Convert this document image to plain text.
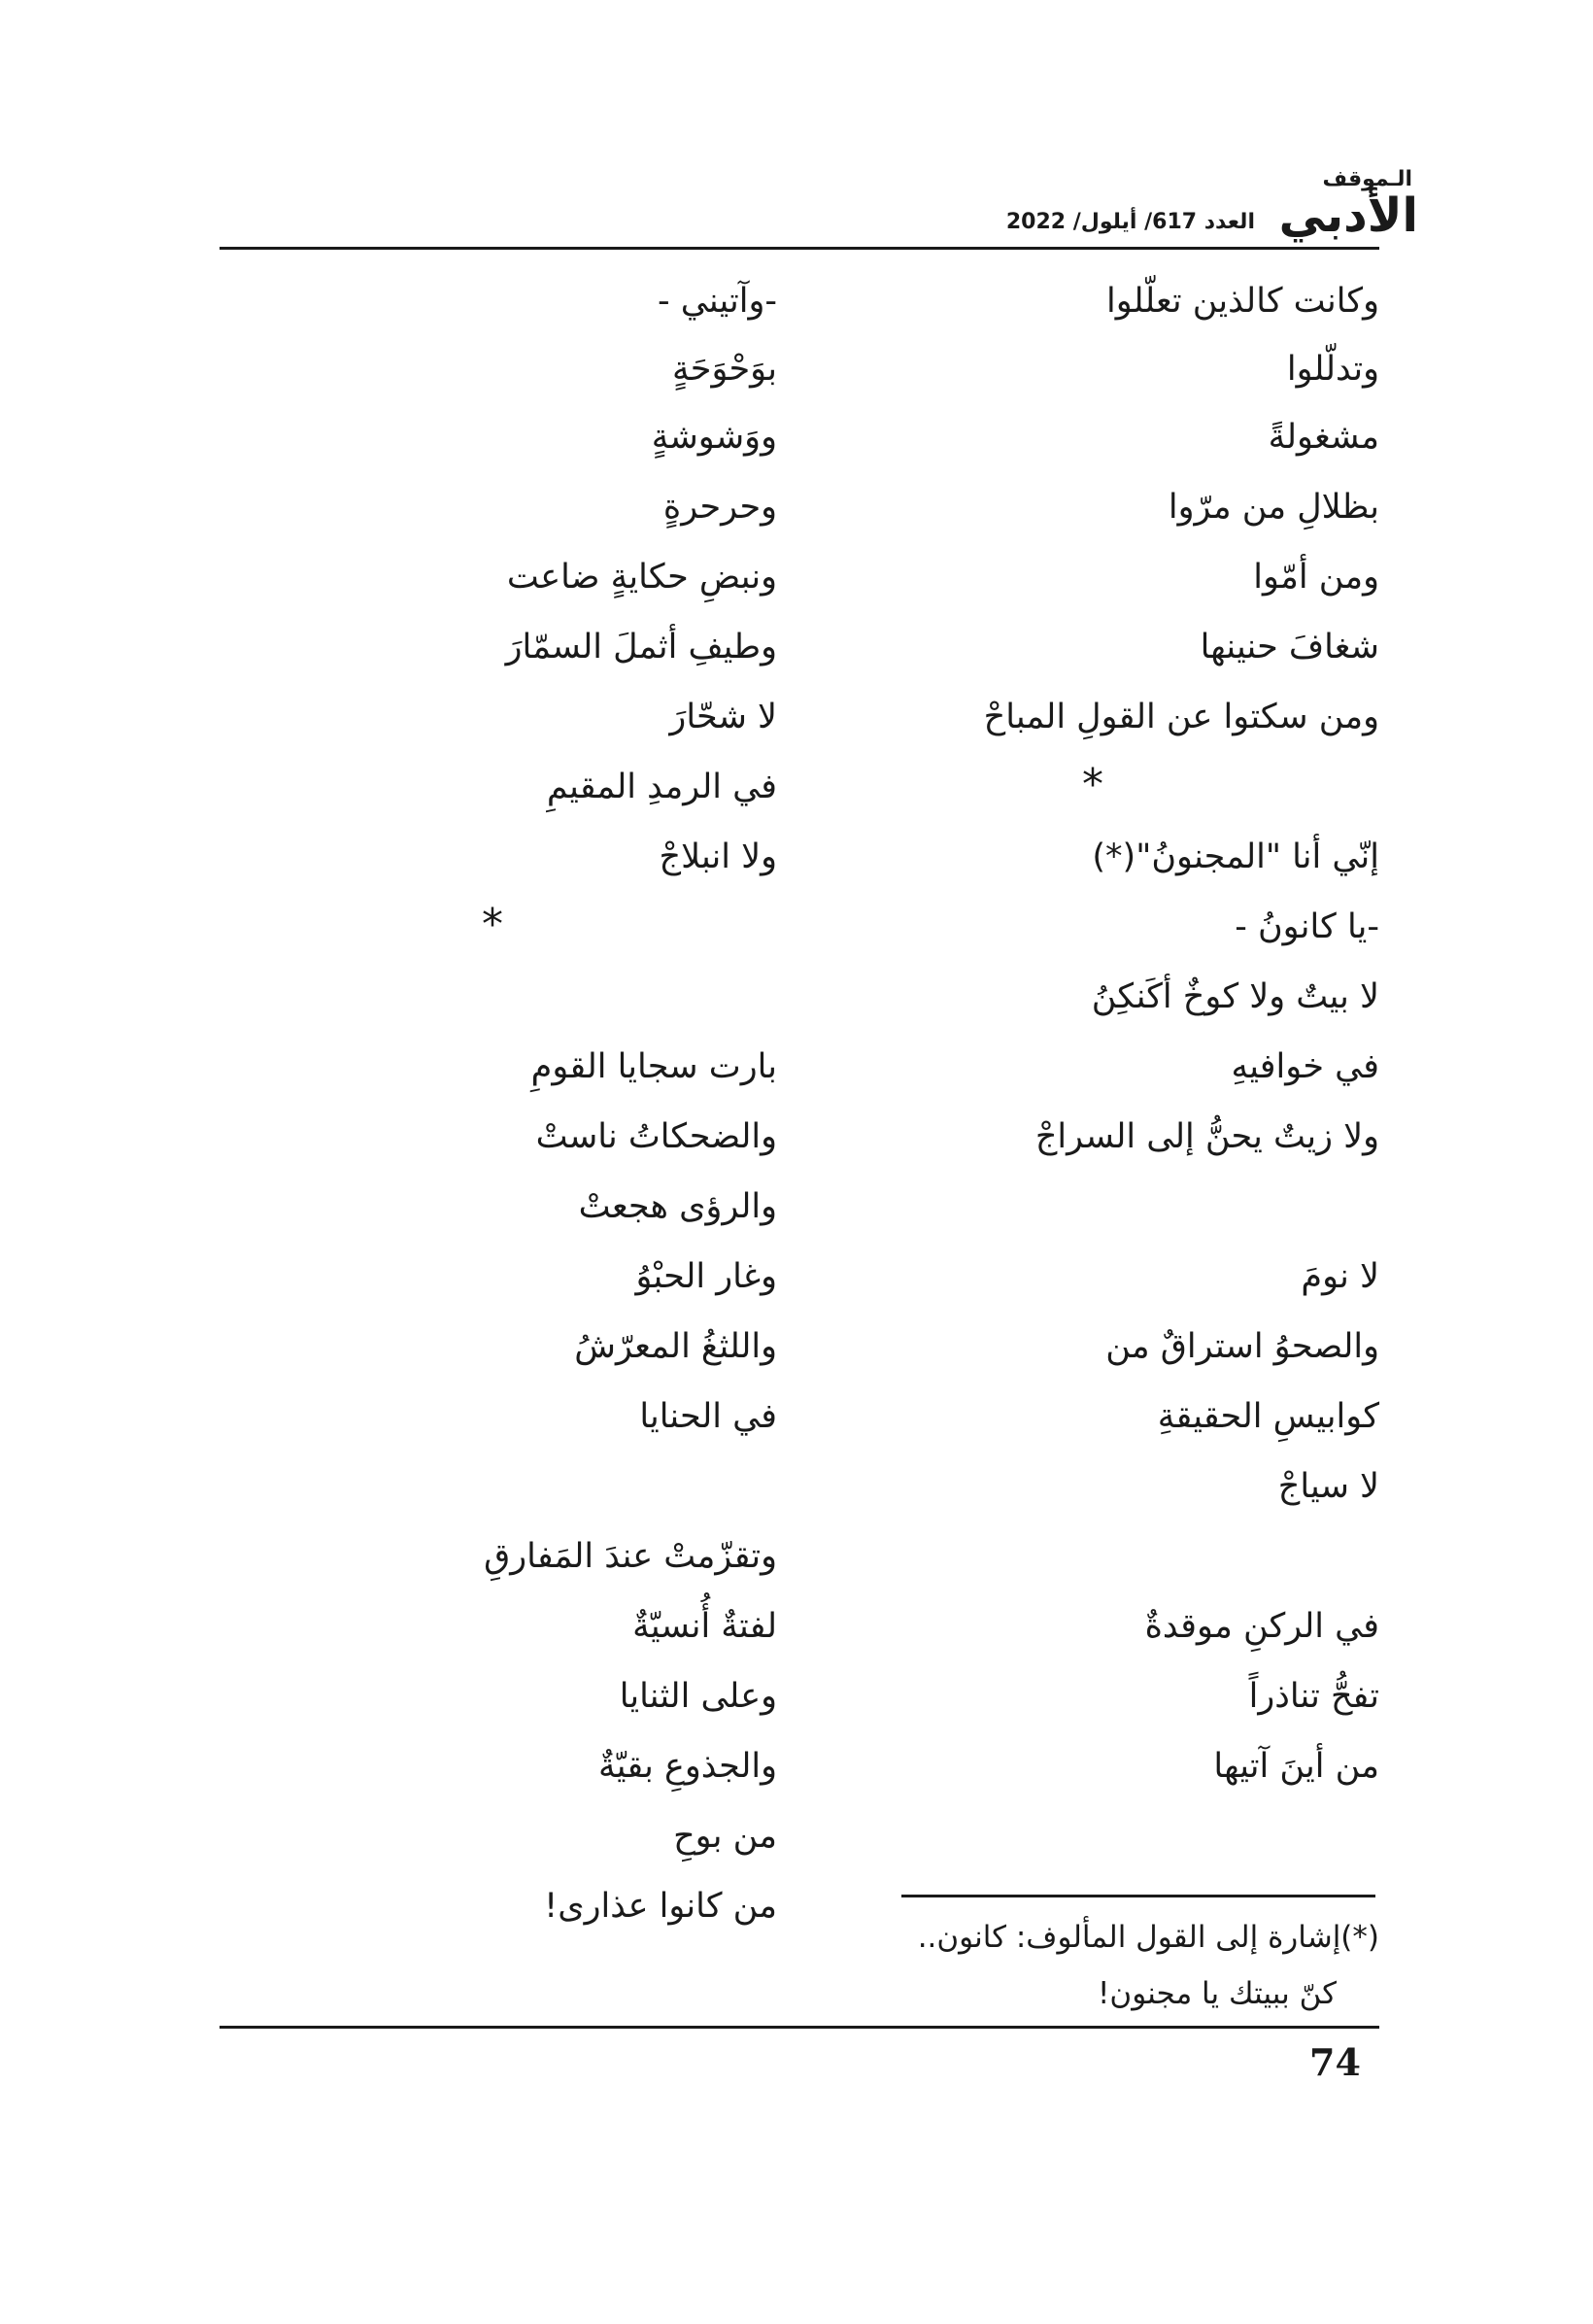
الـموقف
الأدبي
العدد 617/ أيلول/ 2022
وكانت كالذين تعلّلوا
وتدلّلوا
مشغولةً
بظلالِ من مرّوا
ومن أمّوا
شغافَ حنينها
ومن سكتوا عن القولِ المباحْ
*
إنّي أنا "المجنونُ"(*)
-يا كانونُ -
لا بيتٌ ولا كوخٌ أكَنكِنُ
في خوافيهِ
ولا زيتٌ يحنُّ إلى السراجْ
لا نومَ
والصحوُ استراقٌ من
كوابيسِ الحقيقةِ
لا سياجْ
في الركنِ موقدةٌ
تفحُّ تناذراً
من أينَ آتيها
-وآتيني -
بوَحْوَحَةٍ
ووَشوشةٍ
وحرحرةٍ
ونبضِ حكايةٍ ضاعت
وطيفِ أثملَ السمّارَ
لا شحّارَ
في الرمدِ المقيمِ
ولا انبلاجْ
*
بارت سجايا القومِ
والضحكاتُ ناستْ
والرؤى هجعتْ
وغار الحبْوُ
واللثغُ المعرّشُ
في الحنايا
وتقزّمتْ عندَ المَفارقِ
لفتةٌ أُنسيّةٌ
وعلى الثنايا
والجذوعِ بقيّةٌ
من بوحِ
من كانوا عذارى!
(*)إشارة إلى القول المألوف: كانون..
كنّ ببيتك يا مجنون!
74
